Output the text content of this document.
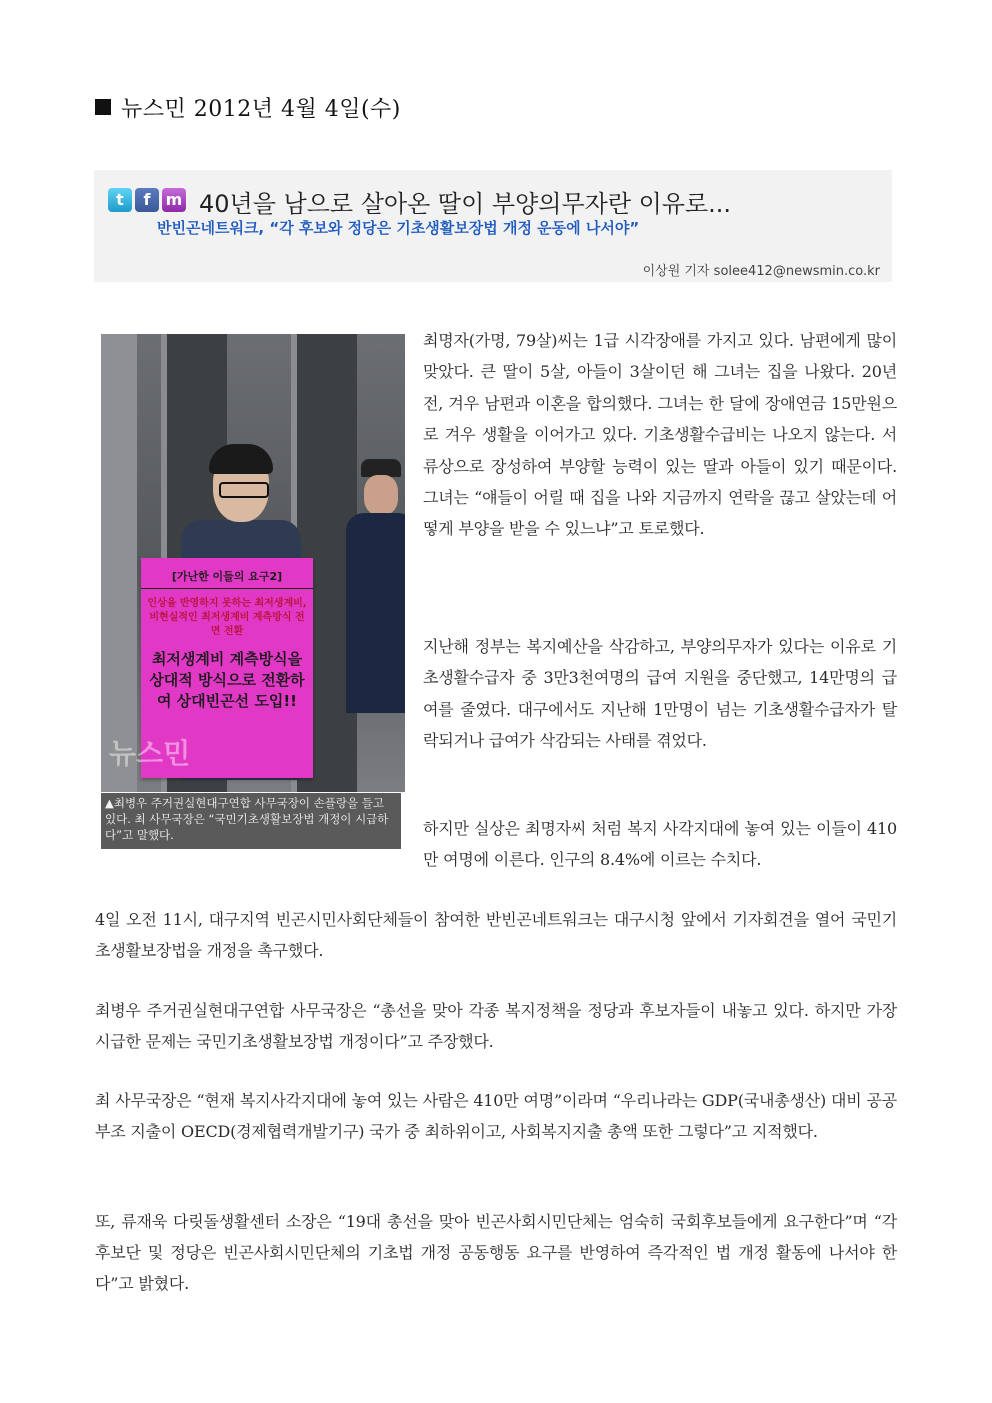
뉴스민 2012년 4월 4일(수)
t	f m 40년을 남으로 살아온 딸이 부양의무자란 이유로...
반빈곤네트워크, “각 후보와 정당은 기초생활보장법 개정 운동에 나서야”
이상원 기자 solee412@newsmin.co.kr
[가난한 이들의 요구2]
인상을 반영하지 못하는 최저생계비, 비현실적인 최저생계비 계측방식 전면 전환
최저생계비 계측방식을 상대적 방식으로 전환하여 상대빈곤선 도입!!
뉴스민
▲최병우 주거권실현대구연합 사무국장이 손플랑을 들고 있다. 최 사무국장은 “국민기초생활보장법 개정이 시급하다”고 말했다.

최명자(가명, 79살)씨는 1급 시각장애를 가지고 있다. 남편에게 많이 맞았다. 큰 딸이 5살, 아들이 3살이던 해 그녀는 집을 나왔다. 20년 전, 겨우 남편과 이혼을 합의했다. 그녀는 한 달에 장애연금 15만원으로 겨우 생활을 이어가고 있다. 기초생활수급비는 나오지 않는다. 서류상으로 장성하여 부양할 능력이 있는 딸과 아들이 있기 때문이다. 그녀는 “얘들이 어릴 때 집을 나와 지금까지 연락을 끊고 살았는데 어떻게 부양을 받을 수 있느냐”고 토로했다.

지난해 정부는 복지예산을 삭감하고, 부양의무자가 있다는 이유로 기초생활수급자 중 3만3천여명의 급여 지원을 중단했고, 14만명의 급여를 줄였다. 대구에서도 지난해 1만명이 넘는 기초생활수급자가 탈락되거나 급여가 삭감되는 사태를 겪었다.

하지만 실상은 최명자씨 처럼 복지 사각지대에 놓여 있는 이들이 410만 여명에 이른다. 인구의 8.4%에 이르는 수치다.

4일 오전 11시, 대구지역 빈곤시민사회단체들이 참여한 반빈곤네트워크는 대구시청 앞에서 기자회견을 열어 국민기초생활보장법을 개정을 촉구했다.

최병우 주거권실현대구연합 사무국장은 “총선을 맞아 각종 복지정책을 정당과 후보자들이 내놓고 있다. 하지만 가장 시급한 문제는 국민기초생활보장법 개정이다”고 주장했다.

최 사무국장은 “현재 복지사각지대에 놓여 있는 사람은 410만 여명”이라며 “우리나라는 GDP(국내총생산) 대비 공공부조 지출이 OECD(경제협력개발기구) 국가 중 최하위이고, 사회복지지출 총액 또한 그렇다”고 지적했다.

또, 류재욱 다릿돌생활센터 소장은 “19대 총선을 맞아 빈곤사회시민단체는 엄숙히 국회후보들에게 요구한다”며 “각 후보단 및 정당은 빈곤사회시민단체의 기초법 개정 공동행동 요구를 반영하여 즉각적인 법 개정 활동에 나서야 한다”고 밝혔다.
